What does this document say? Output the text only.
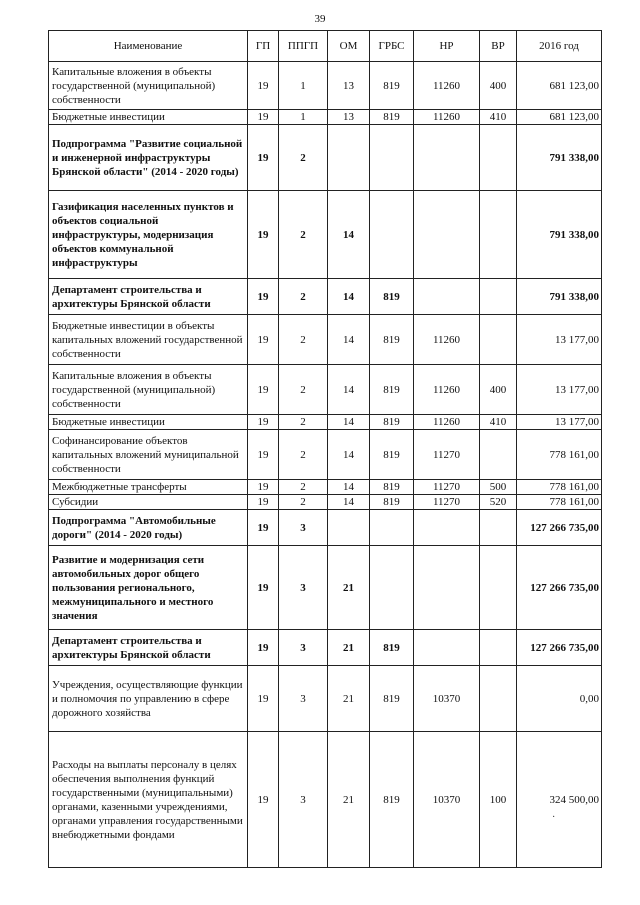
39
Наименование	ГП	ППГП	ОМ	ГРБС	НР	ВР	2016 год
Капитальные вложения в объекты государственной (муниципальной) собственности	19	1	13	819	11260	400	681 123,00
Бюджетные инвестиции	19	1	13	819	11260	410	681 123,00
Подпрограмма "Развитие социальной и инженерной инфраструктуры Брянской области" (2014 - 2020 годы)	19	2					791 338,00
Газификация населенных пунктов и объектов социальной инфраструктуры, модернизация объектов коммунальной инфраструктуры	19	2	14				791 338,00
Департамент строительства и архитектуры Брянской области	19	2	14	819			791 338,00
Бюджетные инвестиции в объекты капитальных вложений государственной собственности	19	2	14	819	11260		13 177,00
Капитальные вложения в объекты государственной (муниципальной) собственности	19	2	14	819	11260	400	13 177,00
Бюджетные инвестиции	19	2	14	819	11260	410	13 177,00
Софинансирование объектов капитальных вложений муниципальной собственности	19	2	14	819	11270		778 161,00
Межбюджетные трансферты	19	2	14	819	11270	500	778 161,00
Субсидии	19	2	14	819	11270	520	778 161,00
Подпрограмма "Автомобильные дороги" (2014 - 2020 годы)	19	3					127 266 735,00
Развитие и модернизация сети автомобильных дорог общего пользования регионального, межмуниципального и местного значения	19	3	21				127 266 735,00
Департамент строительства и архитектуры Брянской области	19	3	21	819			127 266 735,00
Учреждения, осуществляющие функции и полномочия по управлению в сфере дорожного хозяйства	19	3	21	819	10370		0,00
Расходы на выплаты персоналу в целях обеспечения выполнения функций государственными (муниципальными) органами, казенными учреждениями, органами управления государственными внебюджетными фондами	19	3	21	819	10370	100	324 500,00
·
